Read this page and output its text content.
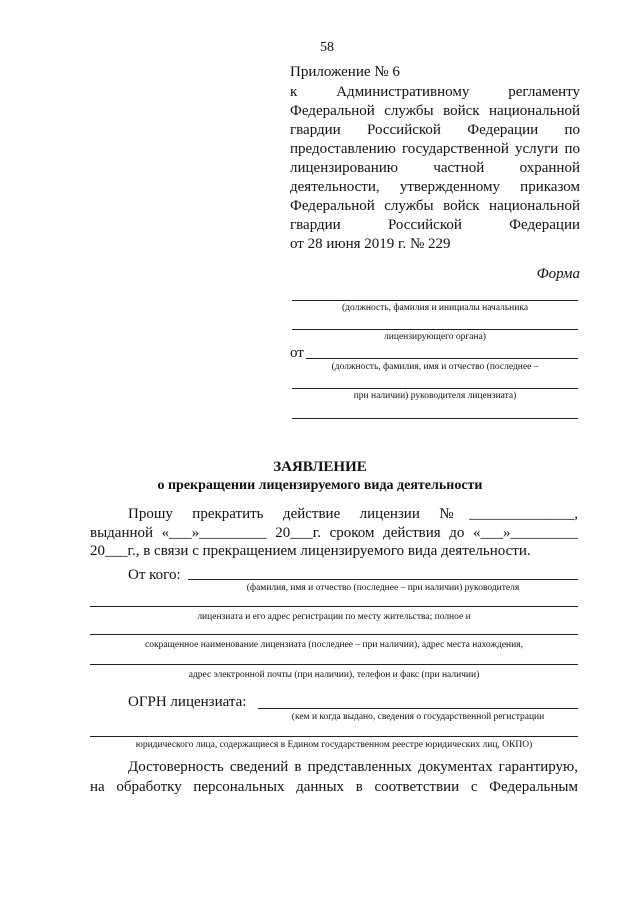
58
Приложение № 6
к Административному регламенту
Федеральной службы войск национальной
гвардии Российской Федерации по
предоставлению государственной услуги по
лицензированию частной охранной
деятельности, утвержденному приказом
Федеральной службы войск национальной
гвардии Российской Федерации
от 28 июня 2019 г. № 229
Форма
(должность, фамилия и инициалы начальника
лицензирующего органа)
от
(должность, фамилия, имя и отчество (последнее –
при наличии) руководителя лицензиата)
ЗАЯВЛЕНИЕ
о прекращении лицензируемого вида деятельности
Прошу прекратить действие лицензии №______________,
выданной «___»_________ 20___г. сроком действия до «___»_________
20___г., в связи с прекращением лицензируемого вида деятельности.
От кого:
(фамилия, имя и отчество (последнее – при наличии) руководителя
лицензиата и его адрес регистрации по месту жительства; полное и
сокращенное наименование лицензиата (последнее – при наличии), адрес места нахождения,
адрес электронной почты (при наличии), телефон и факс (при наличии)
ОГРН лицензиата:
(кем и когда выдано, сведения о государственной регистрации
юридического лица, содержащиеся в Едином государственном реестре юридических лиц, ОКПО)
Достоверность сведений в представленных документах гарантирую,
на обработку персональных данных в соответствии с Федеральным
